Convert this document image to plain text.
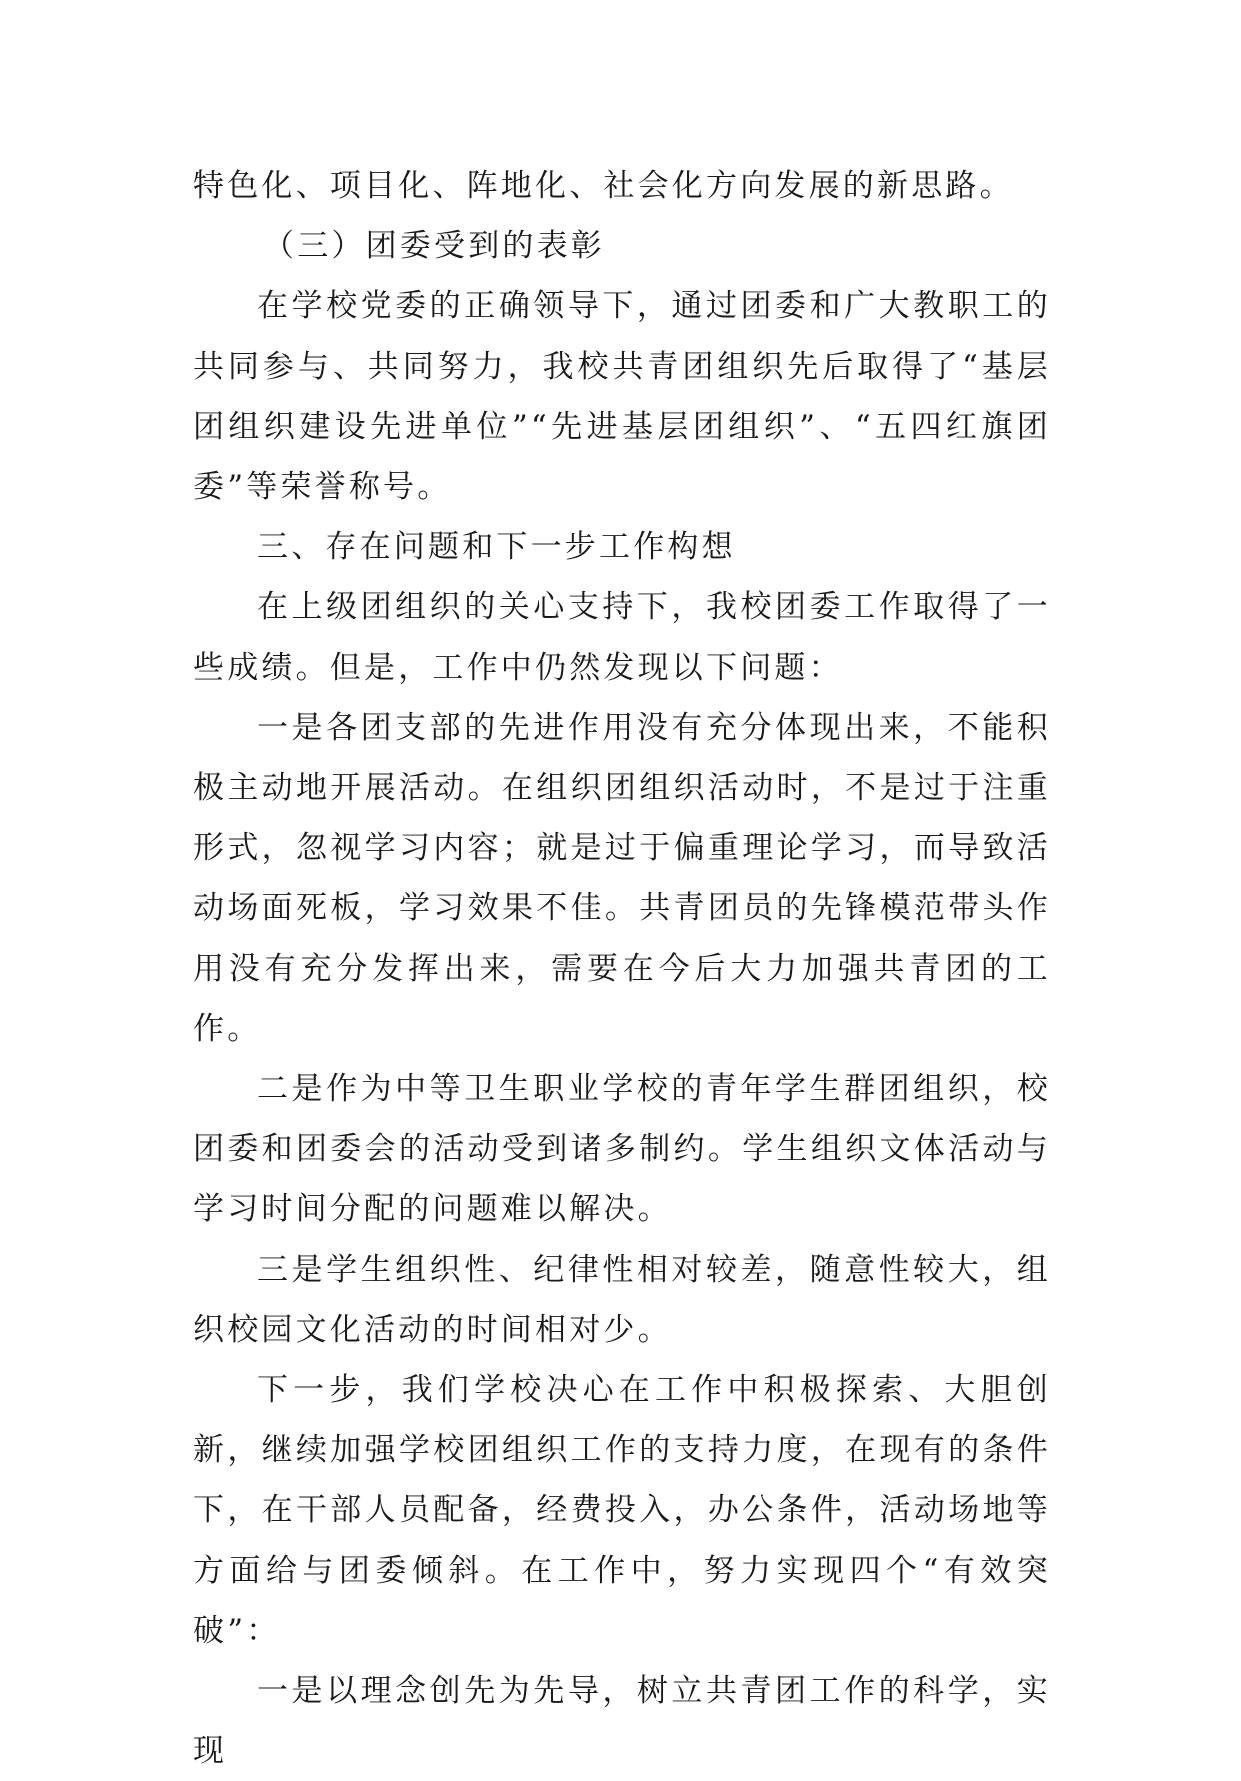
特色化、项目化、阵地化、社会化方向发展的新思路。

（三）团委受到的表彰

在学校党委的正确领导下，通过团委和广大教职工的共同参与、共同努力，我校共青团组织先后取得了“基层团组织建设先进单位”“先进基层团组织”、“五四红旗团委”等荣誉称号。

三、存在问题和下一步工作构想

在上级团组织的关心支持下，我校团委工作取得了一些成绩。但是，工作中仍然发现以下问题：

一是各团支部的先进作用没有充分体现出来，不能积极主动地开展活动。在组织团组织活动时，不是过于注重形式，忽视学习内容；就是过于偏重理论学习，而导致活动场面死板，学习效果不佳。共青团员的先锋模范带头作用没有充分发挥出来，需要在今后大力加强共青团的工作。

二是作为中等卫生职业学校的青年学生群团组织，校团委和团委会的活动受到诸多制约。学生组织文体活动与学习时间分配的问题难以解决。

三是学生组织性、纪律性相对较差，随意性较大，组织校园文化活动的时间相对少。

下一步，我们学校决心在工作中积极探索、大胆创新，继续加强学校团组织工作的支持力度，在现有的条件下，在干部人员配备，经费投入，办公条件，活动场地等方面给与团委倾斜。在工作中，努力实现四个“有效突破”：

一是以理念创先为先导，树立共青团工作的科学，实现
